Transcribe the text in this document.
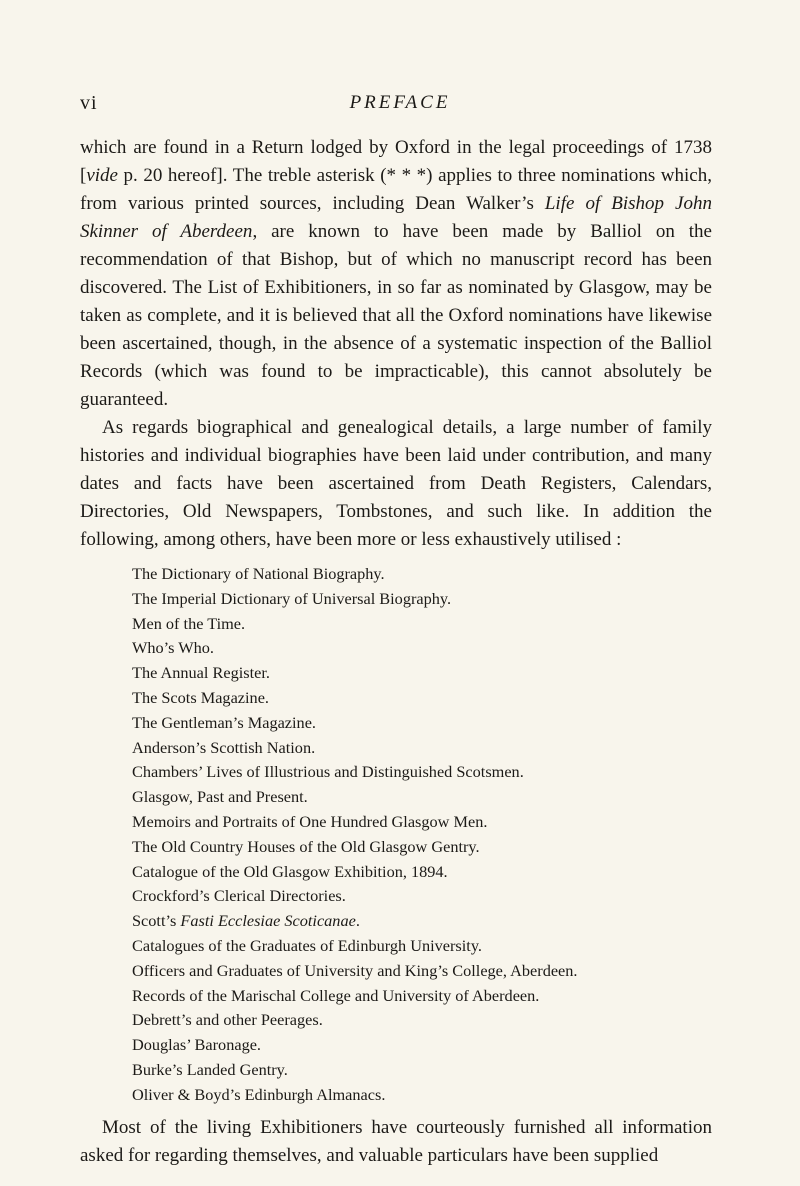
vi	PREFACE

which are found in a Return lodged by Oxford in the legal proceedings of 1738 [vide p. 20 hereof]. The treble asterisk (* * *) applies to three nominations which, from various printed sources, including Dean Walker’s Life of Bishop John Skinner of Aberdeen, are known to have been made by Balliol on the recommendation of that Bishop, but of which no manuscript record has been discovered. The List of Exhibitioners, in so far as nominated by Glasgow, may be taken as complete, and it is believed that all the Oxford nominations have likewise been ascertained, though, in the absence of a systematic inspection of the Balliol Records (which was found to be impracticable), this cannot absolutely be guaranteed.

As regards biographical and genealogical details, a large number of family histories and individual biographies have been laid under contribution, and many dates and facts have been ascertained from Death Registers, Calendars, Directories, Old Newspapers, Tombstones, and such like. In addition the following, among others, have been more or less exhaustively utilised :

The Dictionary of National Biography.
The Imperial Dictionary of Universal Biography.
Men of the Time.
Who’s Who.
The Annual Register.
The Scots Magazine.
The Gentleman’s Magazine.
Anderson’s Scottish Nation.
Chambers’ Lives of Illustrious and Distinguished Scotsmen.
Glasgow, Past and Present.
Memoirs and Portraits of One Hundred Glasgow Men.
The Old Country Houses of the Old Glasgow Gentry.
Catalogue of the Old Glasgow Exhibition, 1894.
Crockford’s Clerical Directories.
Scott’s Fasti Ecclesiae Scoticanae.
Catalogues of the Graduates of Edinburgh University.
Officers and Graduates of University and King’s College, Aberdeen.
Records of the Marischal College and University of Aberdeen.
Debrett’s and other Peerages.
Douglas’ Baronage.
Burke’s Landed Gentry.
Oliver & Boyd’s Edinburgh Almanacs.

Most of the living Exhibitioners have courteously furnished all information asked for regarding themselves, and valuable particulars have been supplied
